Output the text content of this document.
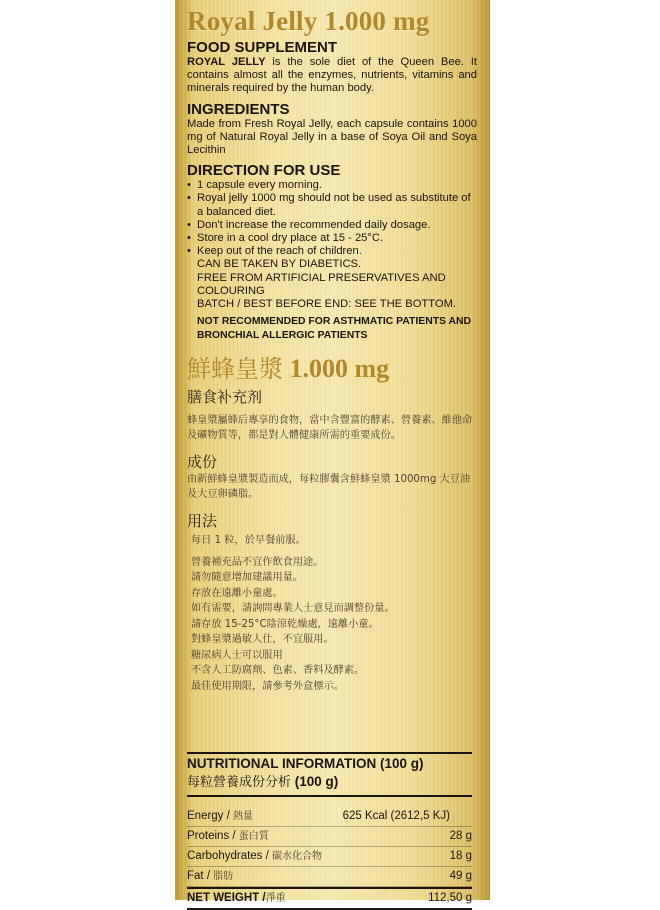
Royal Jelly 1.000 mg
FOOD SUPPLEMENT
ROYAL JELLY is the sole diet of the Queen Bee. It contains almost all the enzymes, nutrients, vitamins and minerals required by the human body.
INGREDIENTS
Made from Fresh Royal Jelly, each capsule contains 1000 mg of Natural Royal Jelly in a base of Soya Oil and Soya Lecithin
DIRECTION FOR USE
• 1 capsule every morning.
• Royal jelly 1000 mg should not be used as substitute of a balanced diet.
• Don't increase the recommended daily dosage.
• Store in a cool dry place at 15 - 25°C.
• Keep out of the reach of children.
CAN BE TAKEN BY DIABETICS.
FREE FROM ARTIFICIAL PRESERVATIVES AND COLOURING
BATCH / BEST BEFORE END: SEE THE BOTTOM.
NOT RECOMMENDED FOR ASTHMATIC PATIENTS AND BRONCHIAL ALLERGIC PATIENTS
鮮蜂皇漿 1.000 mg
膳食补充剂
蜂皇漿屬蜂后專享的食物，當中含豐富的酵素、營養素、維他命及礦物質等，都是對人體健康所需的重要成份。
成份
由新鮮蜂皇漿製造而成，每粒膠囊含鮮蜂皇漿 1000mg 大豆油及大豆卵磷脂。
用法
每日 1 粒，於早餐前服。
營養補充品不宜作飲食用途。
請勿隨意增加建議用量。
存放在遠離小童處。
如有需要，請詢問專業人士意見而調整份量。
請存放 15-25°C陰涼乾燥處，遠離小童。
對蜂皇漿過敏人仕，不宜服用。
糖尿病人士可以服用
不含人工防腐劑、色素、香料及酵素。
最佳使用期限，請參考外盒標示。
NUTRITIONAL INFORMATION (100 g)
每粒營養成份分析 (100 g)
Energy / 熱量	625 Kcal (2612,5 KJ)
Proteins / 蛋白質	28 g
Carbohydrates / 碳水化合物	18 g
Fat / 脂肪	49 g
NET WEIGHT /淨重	112,50 g
